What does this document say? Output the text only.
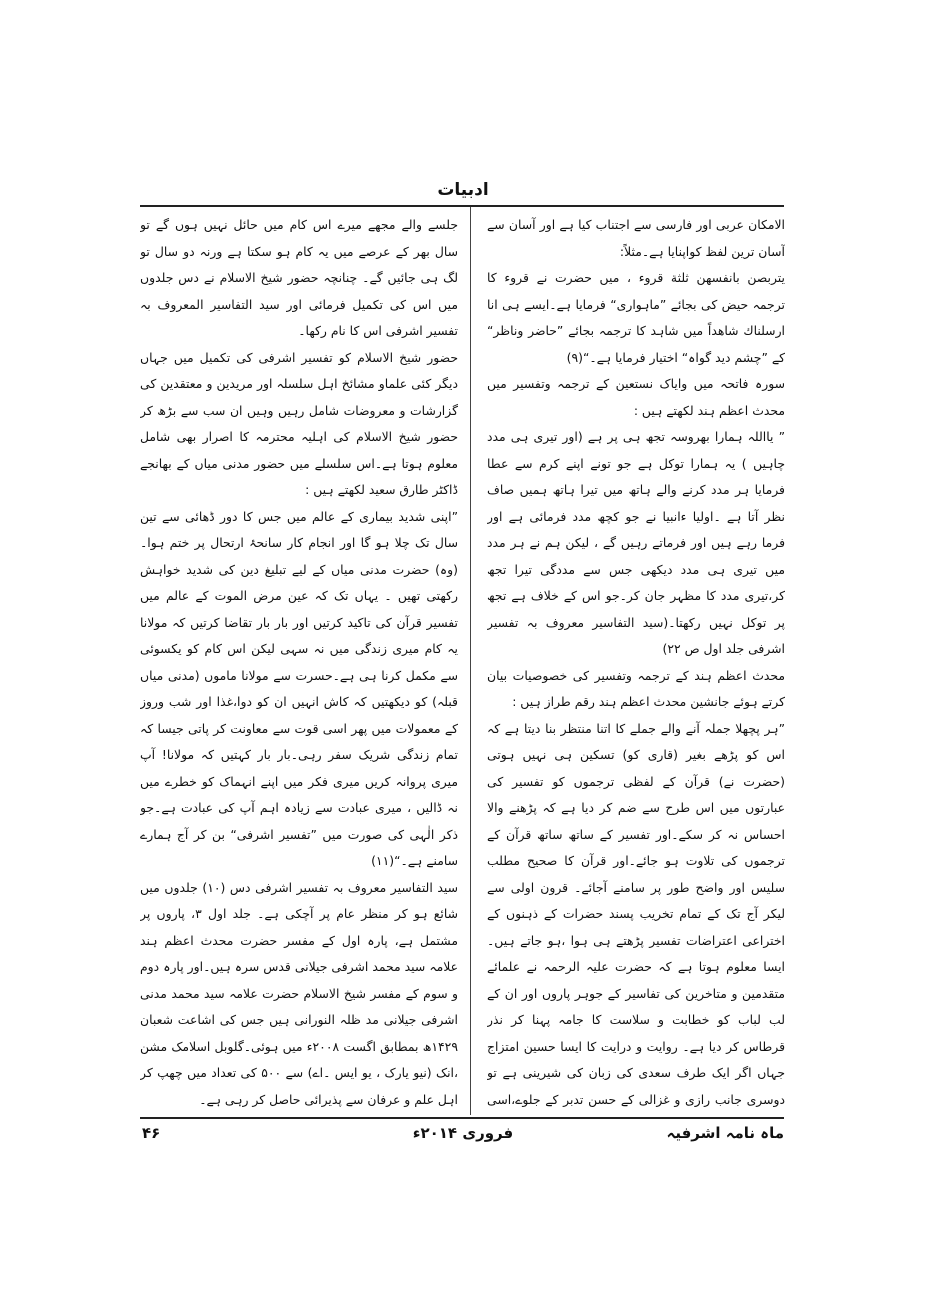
ادبیات

الامکان عربی اور فارسی سے اجتناب کیا ہے اور آسان سے آسان ترین لفظ کواپنایا ہے۔مثلاً:

یتربصن بانفسهن ثلثة قروء ، میں حضرت نے قروء کا ترجمہ حیض کی بجائے ”ماہواری“ فرمایا ہے۔ایسے ہی انا ارسلناك شاهداً میں شاہد کا ترجمہ بجائے ”حاضر وناظر“ کے ”چشم دید گواہ“ اختیار فرمایا ہے۔“(۹)

سورہ فاتحہ میں وایاک نستعین کے ترجمہ وتفسیر میں محدث اعظم ہند لکھتے ہیں :

” یااللہ ہمارا بھروسہ تجھ ہی پر ہے (اور تیری ہی مدد چاہیں ) یہ ہمارا توکل ہے جو تونے اپنے کرم سے عطا فرمایا ہر مدد کرنے والے ہاتھ میں تیرا ہاتھ ہمیں صاف نظر آتا ہے ۔اولیا ءانبیا نے جو کچھ مدد فرمائی ہے اور فرما رہے ہیں اور فرماتے رہیں گے ، لیکن ہم نے ہر مدد میں تیری ہی مدد دیکھی جس سے مددگی تیرا تجھ کر،تیری مدد کا مظہر جان کر۔جو اس کے خلاف ہے تجھ پر توکل نہیں رکھتا۔(سید التفاسیر معروف بہ تفسیر اشرفی جلد اول ص ۲۲)

محدث اعظم ہند کے ترجمہ وتفسیر کی خصوصیات بیان کرتے ہوئے جانشین محدث اعظم ہند رقم طراز ہیں :

”ہر پچھلا جملہ آنے والے جملے کا اتنا منتظر بنا دیتا ہے کہ اس کو پڑھے بغیر (قاری کو) تسکین ہی نہیں ہوتی (حضرت نے) قرآن کے لفظی ترجموں کو تفسیر کی عبارتوں میں اس طرح سے ضم کر دیا ہے کہ پڑھنے والا احساس نہ کر سکے۔اور تفسیر کے ساتھ ساتھ قرآن کے ترجموں کی تلاوت ہو جائے۔اور قرآن کا صحیح مطلب سلیس اور واضح طور پر سامنے آجائے۔ قرون اولی سے لیکر آج تک کے تمام تخریب پسند حضرات کے ذہنوں کے اختراعی اعتراضات تفسیر پڑھتے ہی ہوا ،ہو جاتے ہیں۔ایسا معلوم ہوتا ہے کہ حضرت علیہ الرحمہ نے علمائے متقدمین و متاخرین کی تفاسیر کے جوہر پاروں اور ان کے لب لباب کو خطابت و سلاست کا جامہ پہنا کر نذر قرطاس کر دیا ہے۔ روایت و درایت کا ایسا حسین امتزاج جہاں اگر ایک طرف سعدی کی زبان کی شیرینی ہے تو دوسری جانب رازی و غزالی کے حسن تدبر کے جلوے،اسی

جلسے والے مجھے میرے اس کام میں حائل نہیں ہوں گے تو سال بھر کے عرصے میں یہ کام ہو سکتا ہے ورنہ دو سال تو لگ ہی جائیں گے۔ چنانچہ حضور شیخ الاسلام نے دس جلدوں میں اس کی تکمیل فرمائی اور سید التفاسیر المعروف بہ تفسیر اشرفی اس کا نام رکھا۔

حضور شیخ الاسلام کو تفسیر اشرفی کی تکمیل میں جہاں دیگر کئی علماو مشائخ اہل سلسلہ اور مریدین و معتقدین کی گزارشات و معروضات شامل رہیں وہیں ان سب سے بڑھ کر حضور شیخ الاسلام کی اہلیہ محترمہ کا اصرار بھی شامل معلوم ہوتا ہے۔اس سلسلے میں حضور مدنی میاں کے بھانجے ڈاکٹر طارق سعید لکھتے ہیں :

”اپنی شدید بیماری کے عالم میں جس کا دور ڈھائی سے تین سال تک چلا ہو گا اور انجام کار سانحۂ ارتحال پر ختم ہوا۔(وہ) حضرت مدنی میاں کے لیے تبلیغ دین کی شدید خواہش رکھتی تھیں ۔ یہاں تک کہ عین مرض الموت کے عالم میں تفسیر قرآن کی تاکید کرتیں اور بار بار تقاضا کرتیں کہ مولانا یہ کام میری زندگی میں نہ سہی لیکن اس کام کو یکسوئی سے مکمل کرنا ہی ہے۔حسرت سے مولانا ماموں (مدنی میاں قبلہ) کو دیکھتیں کہ کاش انہیں ان کو دوا،غذا اور شب وروز کے معمولات میں پھر اسی قوت سے معاونت کر پاتی جیسا کہ تمام زندگی شریک سفر رہی۔بار بار کہتیں کہ مولانا! آپ میری پروانہ کریں میری فکر میں اپنے انہماک کو خطرے میں نہ ڈالیں ، میری عبادت سے زیادہ اہم آپ کی عبادت ہے۔جو ذکر الٰہی کی صورت میں ”تفسیر اشرفی“ بن کر آج ہمارے سامنے ہے۔“(۱۱)

سید التفاسیر معروف بہ تفسیر اشرفی دس (۱۰) جلدوں میں شائع ہو کر منظر عام پر آچکی ہے۔ جلد اول ۳، پاروں پر مشتمل ہے، پارہ اول کے مفسر حضرت محدث اعظم ہند علامہ سید محمد اشرفی جیلانی قدس سرہ ہیں۔اور پارہ دوم و سوم کے مفسر شیخ الاسلام حضرت علامہ سید محمد مدنی اشرفی جیلانی مد ظلہ النورانی ہیں جس کی اشاعت شعبان ۱۴۲۹ھ بمطابق اگست ۲۰۰۸ء میں ہوئی۔گلوبل اسلامک مشن ،انک (نیو یارک ، یو ایس ۔اے) سے ۵۰۰ کی تعداد میں چھپ کر اہل علم و عرفان سے پذیرائی حاصل کر رہی ہے۔

ماہ نامہ اشرفیہ
فروری ۲۰۱۴ء
۴۶
